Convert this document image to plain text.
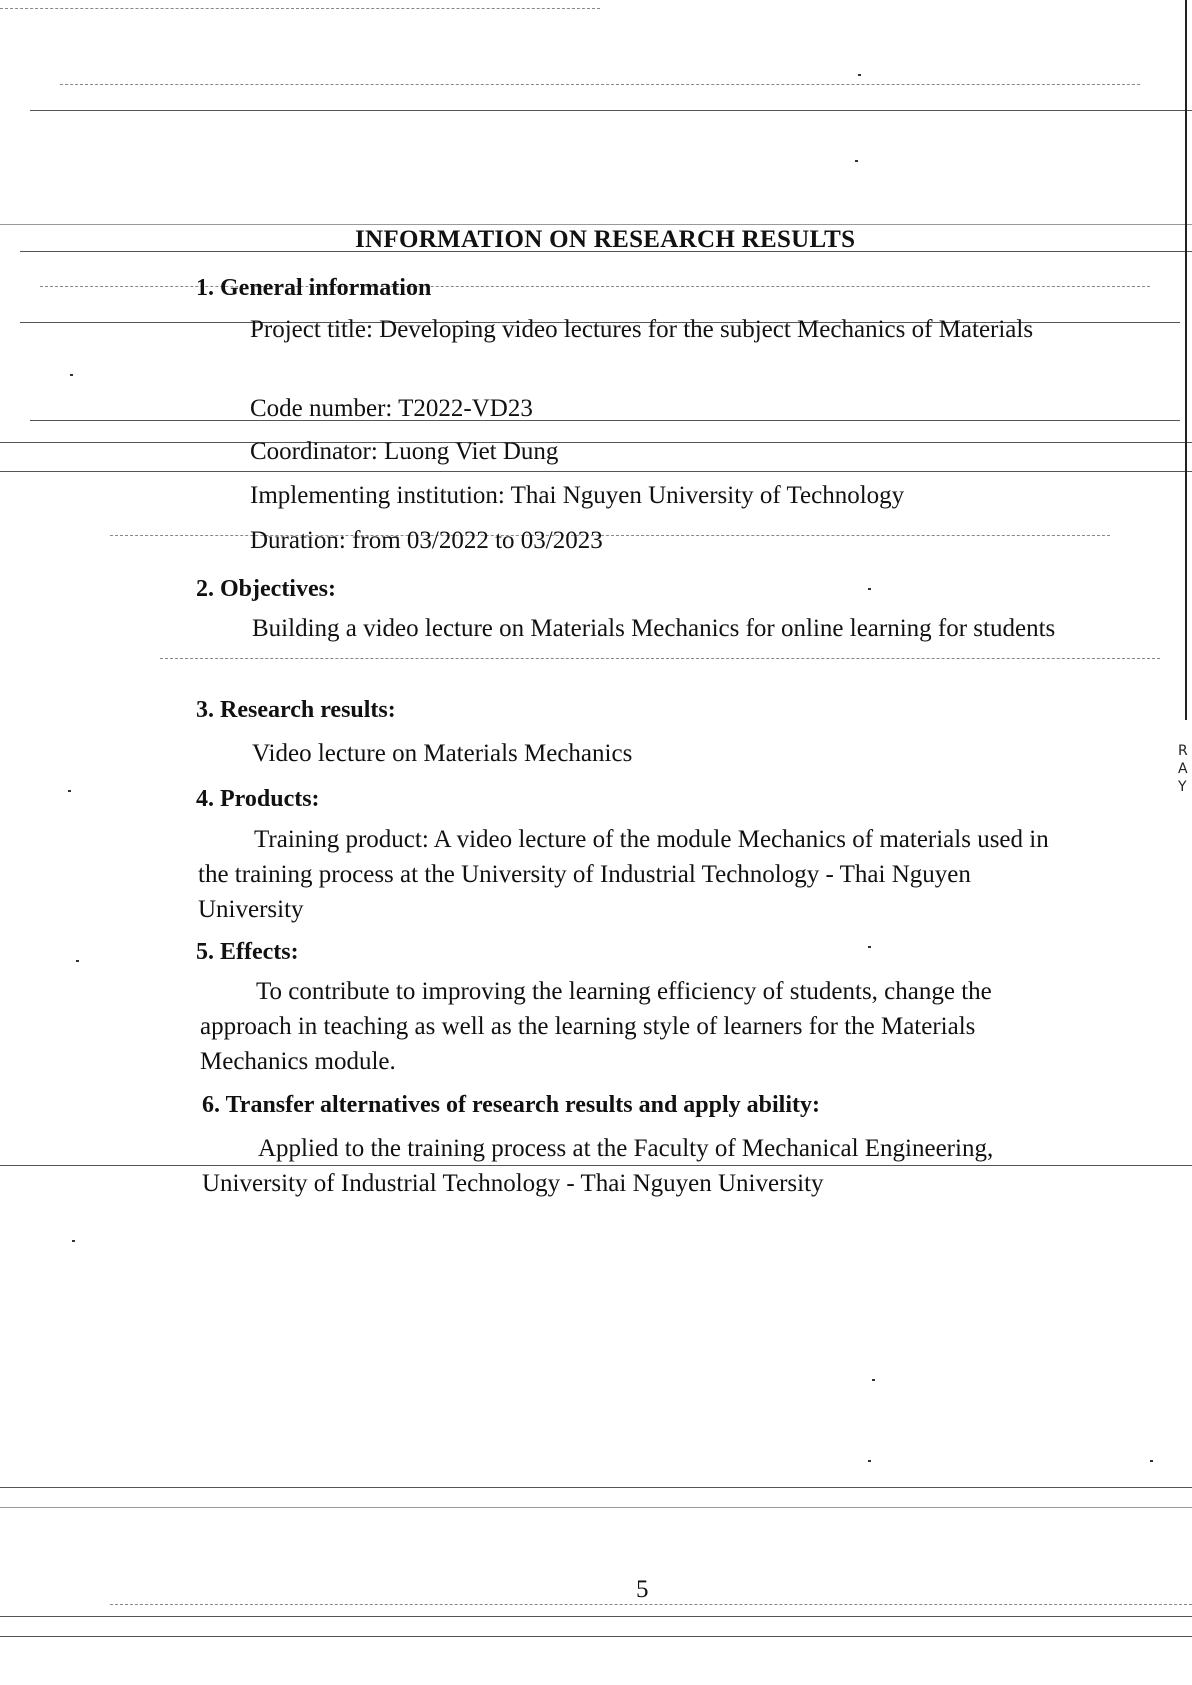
INFORMATION ON RESEARCH RESULTS
1. General information
Project title: Developing video lectures for the subject Mechanics of Materials
Code number: T2022-VD23
Coordinator: Luong Viet Dung
Implementing institution: Thai Nguyen University of Technology
Duration: from 03/2022 to 03/2023
2. Objectives:
Building a video lecture on Materials Mechanics for online learning for students
3. Research results:
Video lecture on Materials Mechanics
4. Products:
Training product: A video lecture of the module Mechanics of materials used in the training process at the University of Industrial Technology - Thai Nguyen University
5. Effects:
To contribute to improving the learning efficiency of students, change the approach in teaching as well as the learning style of learners for the Materials Mechanics module.
6. Transfer alternatives of research results and apply ability:
Applied to the training process at the Faculty of Mechanical Engineering, University of Industrial Technology - Thai Nguyen University
5
RAY
